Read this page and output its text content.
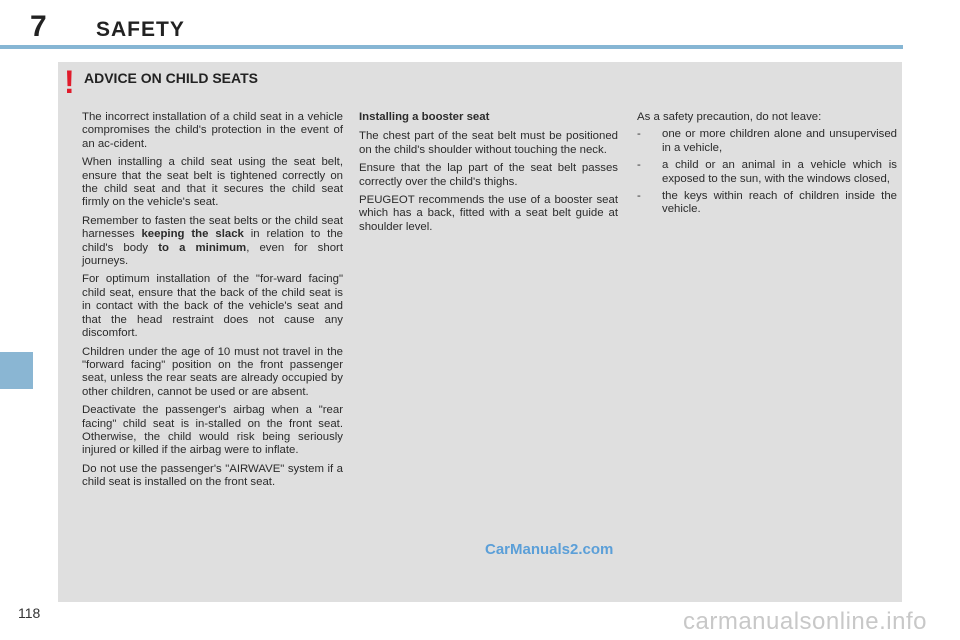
7 SAFETY
! ADVICE ON CHILD SEATS

The incorrect installation of a child seat in a vehicle compromises the child's protection in the event of an ac-cident.

When installing a child seat using the seat belt, ensure that the seat belt is tightened correctly on the child seat and that it secures the child seat firmly on the vehicle's seat.

Remember to fasten the seat belts or the child seat harnesses keeping the slack in relation to the child's body to a minimum, even for short journeys.

For optimum installation of the "for-ward facing" child seat, ensure that the back of the child seat is in contact with the back of the vehicle's seat and that the head restraint does not cause any discomfort.

Children under the age of 10 must not travel in the "forward facing" position on the front passenger seat, unless the rear seats are already occupied by other children, cannot be used or are absent.

Deactivate the passenger's airbag when a "rear facing" child seat is in-stalled on the front seat. Otherwise, the child would risk being seriously injured or killed if the airbag were to inflate.

Do not use the passenger's "AIRWAVE" system if a child seat is installed on the front seat.

Installing a booster seat

The chest part of the seat belt must be positioned on the child's shoulder without touching the neck.

Ensure that the lap part of the seat belt passes correctly over the child's thighs.

PEUGEOT recommends the use of a booster seat which has a back, fitted with a seat belt guide at shoulder level.

As a safety precaution, do not leave:

-	one or more children alone and unsupervised in a vehicle,
-	a child or an animal in a vehicle which is exposed to the sun, with the windows closed,
-	the keys within reach of children inside the vehicle.
CarManuals2.com
118	carmanualsonline.info
